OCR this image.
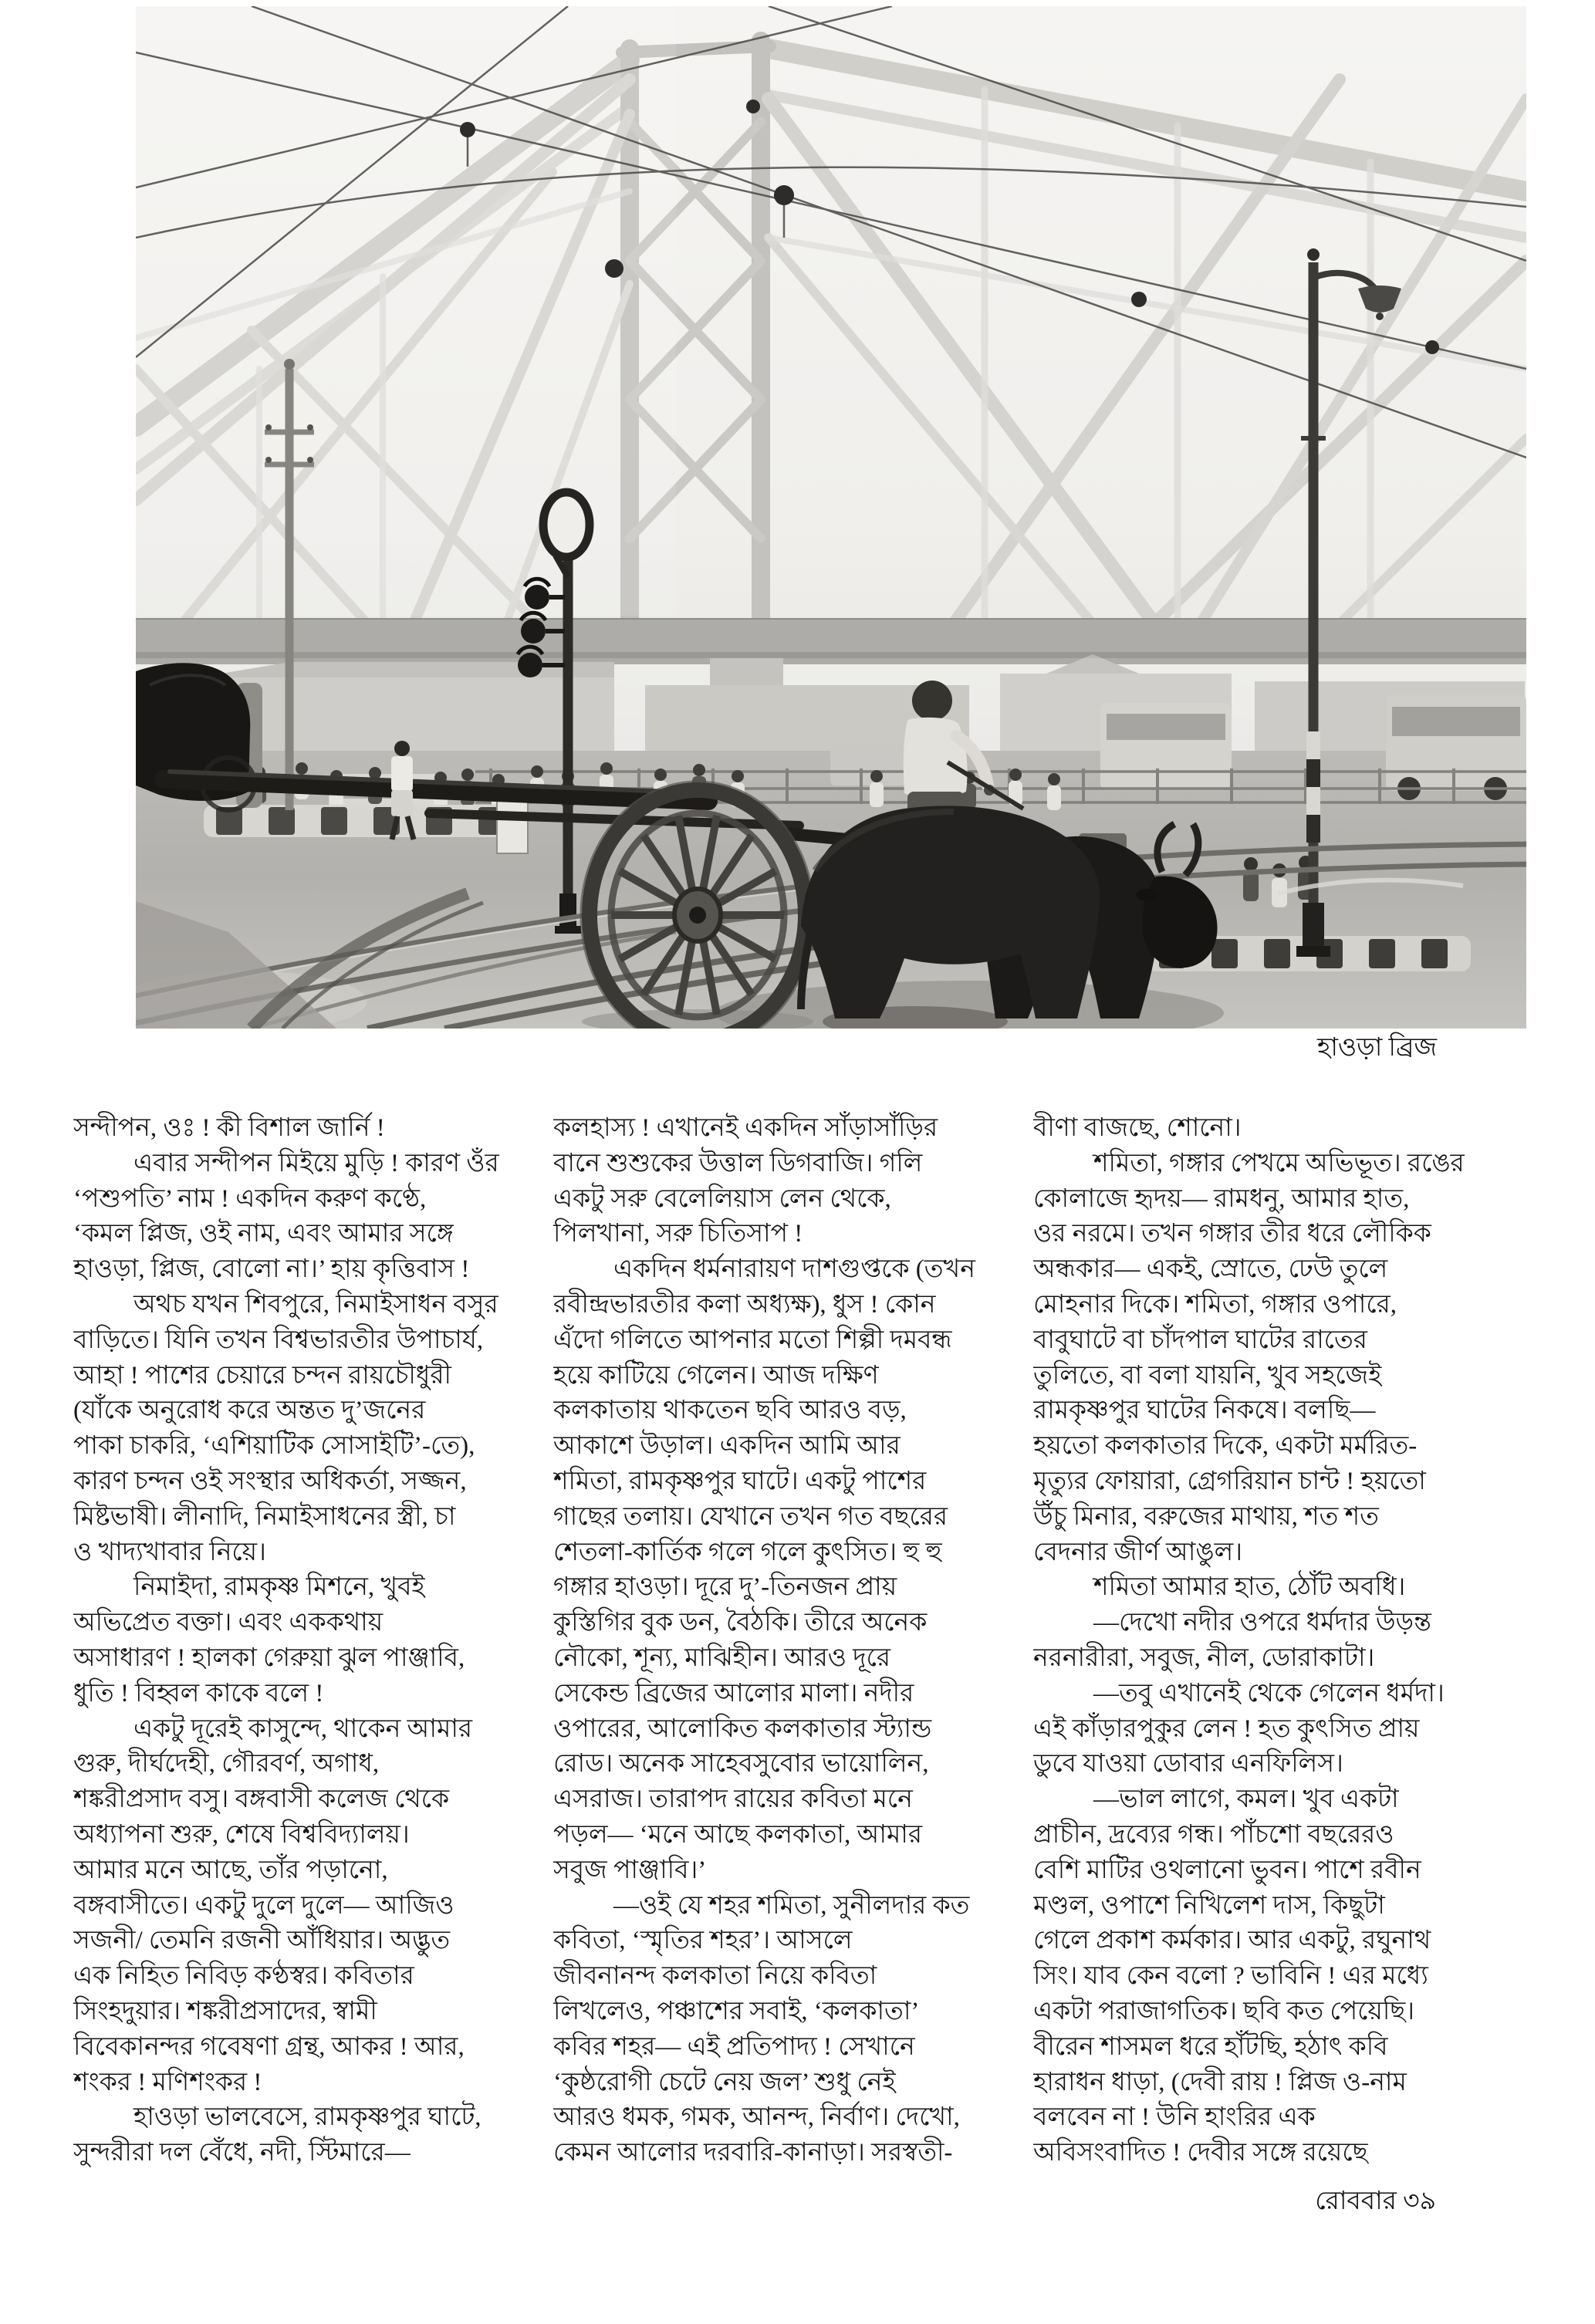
হাওড়া ব্রিজ
সন্দীপন, ওঃ ! কী বিশাল জার্নি !
এবার সন্দীপন মিইয়ে মুড়ি ! কারণ ওঁর
‘পশুপতি’ নাম ! একদিন করুণ কণ্ঠে,
‘কমল প্লিজ, ওই নাম, এবং আমার সঙ্গে
হাওড়া, প্লিজ, বোলো না।’ হায় কৃত্তিবাস !
অথচ যখন শিবপুরে, নিমাইসাধন বসুর
বাড়িতে। যিনি তখন বিশ্বভারতীর উপাচার্য,
আহা ! পাশের চেয়ারে চন্দন রায়চৌধুরী
(যাঁকে অনুরোধ করে অন্তত দু’জনের
পাকা চাকরি, ‘এশিয়াটিক সোসাইটি’-তে),
কারণ চন্দন ওই সংস্থার অধিকর্তা, সজ্জন,
মিষ্টভাষী। লীনাদি, নিমাইসাধনের স্ত্রী, চা
ও খাদ্যখাবার নিয়ে।
নিমাইদা, রামকৃষ্ণ মিশনে, খুবই
অভিপ্রেত বক্তা। এবং এককথায়
অসাধারণ ! হালকা গেরুয়া ঝুল পাঞ্জাবি,
ধুতি ! বিহ্বল কাকে বলে !
একটু দূরেই কাসুন্দে, থাকেন আমার
গুরু, দীর্ঘদেহী, গৌরবর্ণ, অগাধ,
শঙ্করীপ্রসাদ বসু। বঙ্গবাসী কলেজ থেকে
অধ্যাপনা শুরু, শেষে বিশ্ববিদ্যালয়।
আমার মনে আছে, তাঁর পড়ানো,
বঙ্গবাসীতে। একটু দুলে দুলে— আজিও
সজনী/ তেমনি রজনী আঁধিয়ার। অদ্ভুত
এক নিহিত নিবিড় কণ্ঠস্বর। কবিতার
সিংহদুয়ার। শঙ্করীপ্রসাদের, স্বামী
বিবেকানন্দর গবেষণা গ্রন্থ, আকর ! আর,
শংকর ! মণিশংকর !
হাওড়া ভালবেসে, রামকৃষ্ণপুর ঘাটে,
সুন্দরীরা দল বেঁধে, নদী, স্টিমারে—
কলহাস্য ! এখানেই একদিন সাঁড়াসাঁড়ির
বানে শুশুকের উত্তাল ডিগবাজি। গলি
একটু সরু বেলেলিয়াস লেন থেকে,
পিলখানা, সরু চিতিসাপ !
একদিন ধর্মনারায়ণ দাশগুপ্তকে (তখন
রবীন্দ্রভারতীর কলা অধ্যক্ষ), ধুস ! কোন
এঁদো গলিতে আপনার মতো শিল্পী দমবন্ধ
হয়ে কাটিয়ে গেলেন। আজ দক্ষিণ
কলকাতায় থাকতেন ছবি আরও বড়,
আকাশে উড়াল। একদিন আমি আর
শমিতা, রামকৃষ্ণপুর ঘাটে। একটু পাশের
গাছের তলায়। যেখানে তখন গত বছরের
শেতলা-কার্তিক গলে গলে কুৎসিত। হু হু
গঙ্গার হাওড়া। দূরে দু’-তিনজন প্রায়
কুস্তিগির বুক ডন, বৈঠকি। তীরে অনেক
নৌকো, শূন্য, মাঝিহীন। আরও দূরে
সেকেন্ড ব্রিজের আলোর মালা। নদীর
ওপারের, আলোকিত কলকাতার স্ট্যান্ড
রোড। অনেক সাহেবসুবোর ভায়োলিন,
এসরাজ। তারাপদ রায়ের কবিতা মনে
পড়ল— ‘মনে আছে কলকাতা, আমার
সবুজ পাঞ্জাবি।’
—ওই যে শহর শমিতা, সুনীলদার কত
কবিতা, ‘স্মৃতির শহর’। আসলে
জীবনানন্দ কলকাতা নিয়ে কবিতা
লিখলেও, পঞ্চাশের সবাই, ‘কলকাতা’
কবির শহর— এই প্রতিপাদ্য ! সেখানে
‘কুষ্ঠরোগী চেটে নেয় জল’ শুধু নেই
আরও ধমক, গমক, আনন্দ, নির্বাণ। দেখো,
কেমন আলোর দরবারি-কানাড়া। সরস্বতী-
বীণা বাজছে, শোনো।
শমিতা, গঙ্গার পেখমে অভিভূত। রঙের
কোলাজে হৃদয়— রামধনু, আমার হাত,
ওর নরমে। তখন গঙ্গার তীর ধরে লৌকিক
অন্ধকার— একই, স্রোতে, ঢেউ তুলে
মোহনার দিকে। শমিতা, গঙ্গার ওপারে,
বাবুঘাটে বা চাঁদপাল ঘাটের রাতের
তুলিতে, বা বলা যায়নি, খুব সহজেই
রামকৃষ্ণপুর ঘাটের নিকষে। বলছি—
হয়তো কলকাতার দিকে, একটা মর্মরিত-
মৃত্যুর ফোয়ারা, গ্রেগরিয়ান চান্ট ! হয়তো
উঁচু মিনার, বরুজের মাথায়, শত শত
বেদনার জীর্ণ আঙুল।
শমিতা আমার হাত, ঠোঁট অবধি।
—দেখো নদীর ওপরে ধর্মদার উড়ন্ত
নরনারীরা, সবুজ, নীল, ডোরাকাটা।
—তবু এখানেই থেকে গেলেন ধর্মদা।
এই কাঁড়ারপুকুর লেন ! হত কুৎসিত প্রায়
ডুবে যাওয়া ডোবার এনফিলিস।
—ভাল লাগে, কমল। খুব একটা
প্রাচীন, দ্রব্যের গন্ধ। পাঁচশো বছরেরও
বেশি মাটির ওথলানো ভুবন। পাশে রবীন
মণ্ডল, ওপাশে নিখিলেশ দাস, কিছুটা
গেলে প্রকাশ কর্মকার। আর একটু, রঘুনাথ
সিং। যাব কেন বলো ? ভাবিনি ! এর মধ্যে
একটা পরাজাগতিক। ছবি কত পেয়েছি।
বীরেন শাসমল ধরে হাঁটছি, হঠাৎ কবি
হারাধন ধাড়া, (দেবী রায় ! প্লিজ ও-নাম
বলবেন না ! উনি হাংরির এক
অবিসংবাদিত ! দেবীর সঙ্গে রয়েছে
রোববার ৩৯
